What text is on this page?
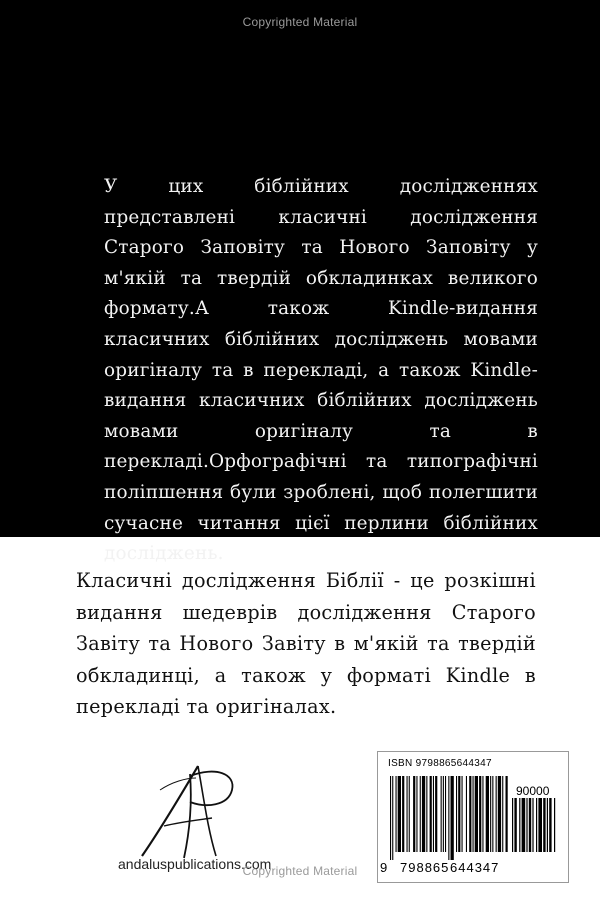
Copyrighted Material
У цих біблійних дослідженнях представлені класичні дослідження Старого Заповіту та Нового Заповіту у м'якій та твердій обкладинках великого формату.А також Kindle-видання класичних біблійних досліджень мовами оригіналу та в перекладі, а також Kindle-видання класичних біблійних досліджень мовами оригіналу та в перекладі.Орфографічні та типографічні поліпшення були зроблені, щоб полегшити сучасне читання цієї перлини біблійних досліджень.
Класичні дослідження Біблії - це розкішні видання шедеврів дослідження Старого Завіту та Нового Завіту в м'якій та твердій обкладинці, а також у форматі Kindle в перекладі та оригіналах.
andaluspublications.com
ISBN 9798865644347
90000
9 798865 644347
Copyrighted Material
